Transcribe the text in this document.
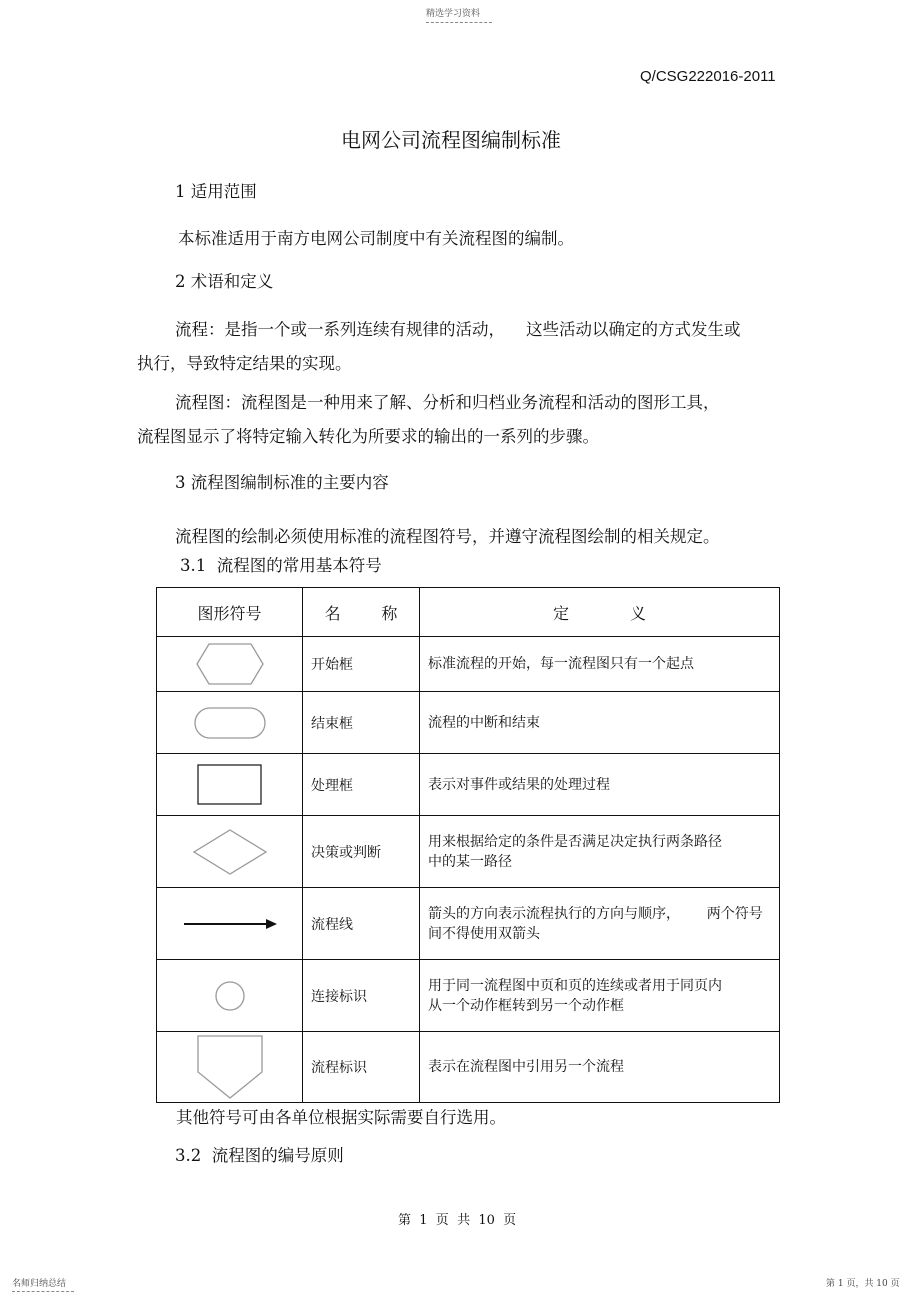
精选学习资料
Q/CSG222016-2011
电网公司流程图编制标准
1 适用范围
本标准适用于南方电网公司制度中有关流程图的编制。
2 术语和定义
流程：是指一个或一系列连续有规律的活动，    这些活动以确定的方式发生或
执行，导致特定结果的实现。
流程图：流程图是一种用来了解、分析和归档业务流程和活动的图形工具，
流程图显示了将特定输入转化为所要求的输出的一系列的步骤。
3 流程图编制标准的主要内容
流程图的绘制必须使用标准的流程图符号，并遵守流程图绘制的相关规定。
3.1  流程图的常用基本符号
图形符号	名        称	定            义

	开始框	标准流程的开始，每一流程图只有一个起点

	结束框	流程的中断和结束

	处理框	表示对事件或结果的处理过程

	决策或判断	用来根据给定的条件是否满足决定执行两条路径
中的某一路径

	流程线	箭头的方向表示流程执行的方向与顺序，      两个符号
间不得使用双箭头

	连接标识	用于同一流程图中页和页的连续或者用于同页内
从一个动作框转到另一个动作框

	流程标识	表示在流程图中引用另一个流程
其他符号可由各单位根据实际需要自行选用。
3.2  流程图的编号原则
第  1  页  共  10  页
名师归纳总结	第 1 页，共 10 页
